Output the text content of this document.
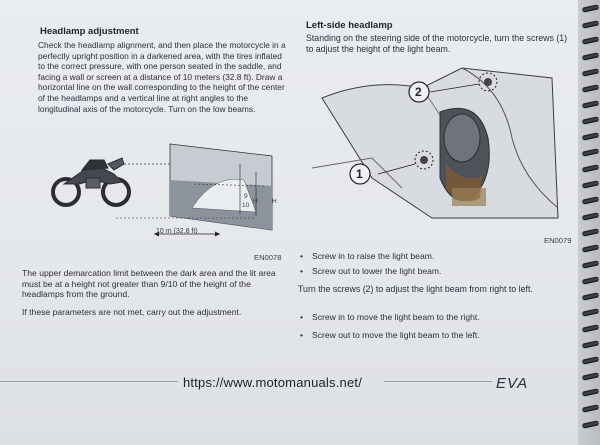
Headlamp adjustment
Check the headlamp alignment, and then place the motorcycle in a perfectly upright position in a darkened area, with the tires inflated to the correct pressure, with one person seated in the saddle, and facing a wall or screen at a distance of 10 meters (32.8 ft). Draw a horizontal line on the wall corresponding to the height of the center of the headlamps and a vertical line at right angles to the longitudinal axis of the motorcycle. Turn on the low beams.
10 m (32.8 ft)
9
10
H H
EN0078
The upper demarcation limit between the dark area and the lit area must be at a height not greater than 9/10 of the height of the headlamps from the ground.
If these parameters are not met, carry out the adjustment.
Left-side headlamp
Standing on the steering side of the motorcycle, turn the screws (1) to adjust the height of the light beam.
2
1
EN0079
• Screw in to raise the light beam.
• Screw out to lower the light beam.
Turn the screws (2) to adjust the light beam from right to left.
• Screw in to move the light beam to the right.
• Screw out to move the light beam to the left.
https://www.motomanuals.net/	EVA
